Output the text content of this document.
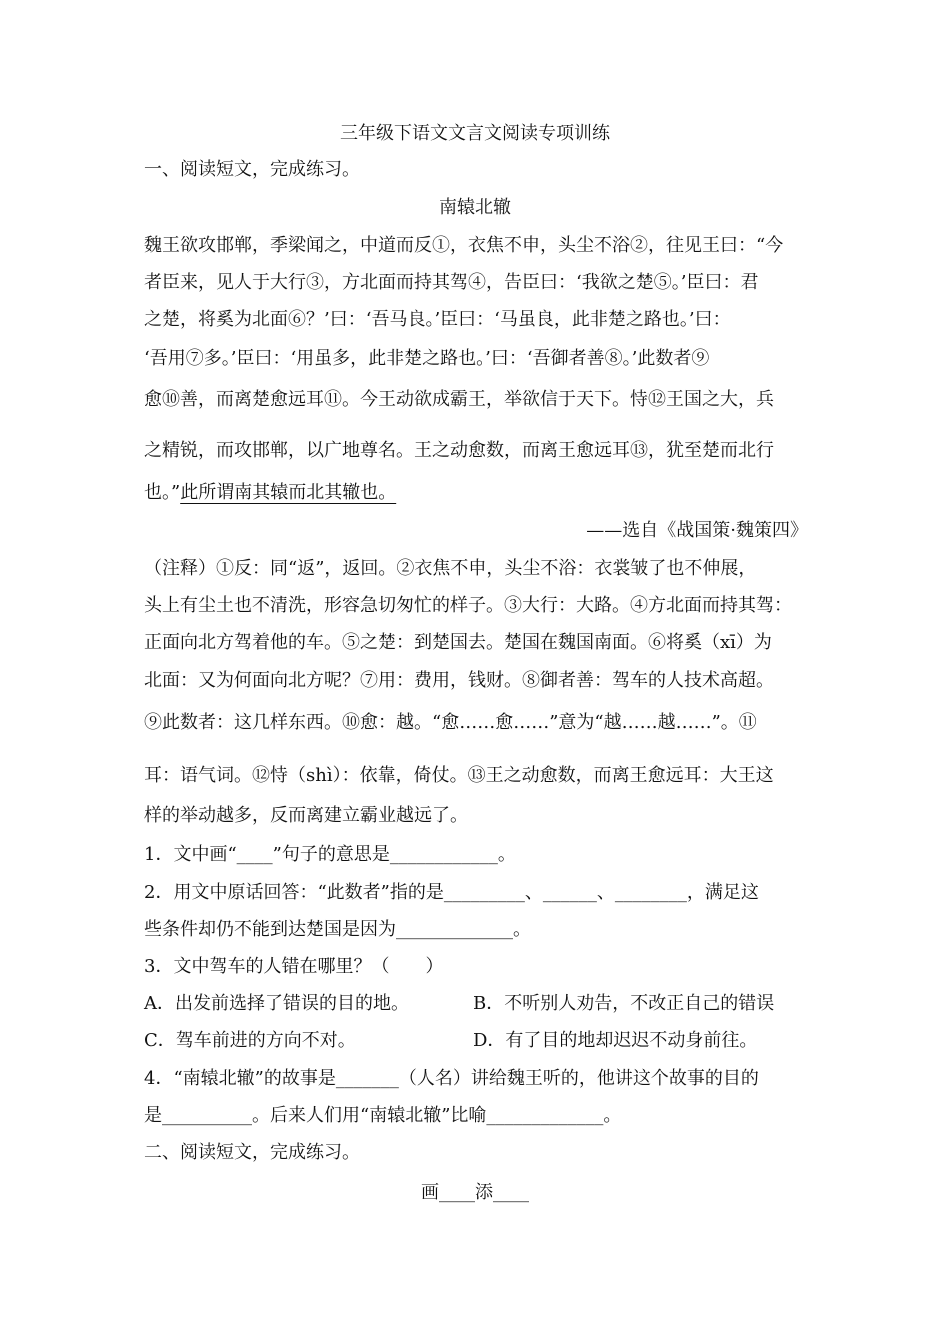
三年级下语文文言文阅读专项训练
一、阅读短文，完成练习。
南辕北辙
魏王欲攻邯郸，季梁闻之，中道而反①，衣焦不申，头尘不浴②，往见王曰：“今
者臣来，见人于大行③，方北面而持其驾④，告臣曰：‘我欲之楚⑤。’臣曰：君
之楚，将奚为北面⑥？’曰：‘吾马良。’臣曰：‘马虽良，此非楚之路也。’曰：
‘吾用⑦多。’臣曰：‘用虽多，此非楚之路也。’曰：‘吾御者善⑧。’此数者⑨
愈⑩善，而离楚愈远耳⑪。今王动欲成霸王，举欲信于天下。恃⑫王国之大，兵
之精锐，而攻邯郸，以广地尊名。王之动愈数，而离王愈远耳⑬，犹至楚而北行
也。”此所谓南其辕而北其辙也。
——选自《战国策·魏策四》
（注释）①反：同“返”，返回。②衣焦不申，头尘不浴：衣裳皱了也不伸展，
头上有尘土也不清洗，形容急切匆忙的样子。③大行：大路。④方北面而持其驾：
正面向北方驾着他的车。⑤之楚：到楚国去。楚国在魏国南面。⑥将奚（xī）为
北面：又为何面向北方呢？⑦用：费用，钱财。⑧御者善：驾车的人技术高超。
⑨此数者：这几样东西。⑩愈：越。“愈……愈……”意为“越……越……”。⑪
耳：语气词。⑫恃（shì）：依靠，倚仗。⑬王之动愈数，而离王愈远耳：大王这
样的举动越多，反而离建立霸业越远了。
1．文中画“____”句子的意思是____________。
2．用文中原话回答：“此数者”指的是_________、______、________，满足这
些条件却仍不能到达楚国是因为_____________。
3．文中驾车的人错在哪里？（　　）
A．出发前选择了错误的目的地。	B．不听别人劝告，不改正自己的错误
C．驾车前进的方向不对。	D．有了目的地却迟迟不动身前往。
4．“南辕北辙”的故事是_______（人名）讲给魏王听的，他讲这个故事的目的
是__________。后来人们用“南辕北辙”比喻_____________。
二、阅读短文，完成练习。
画____添____
